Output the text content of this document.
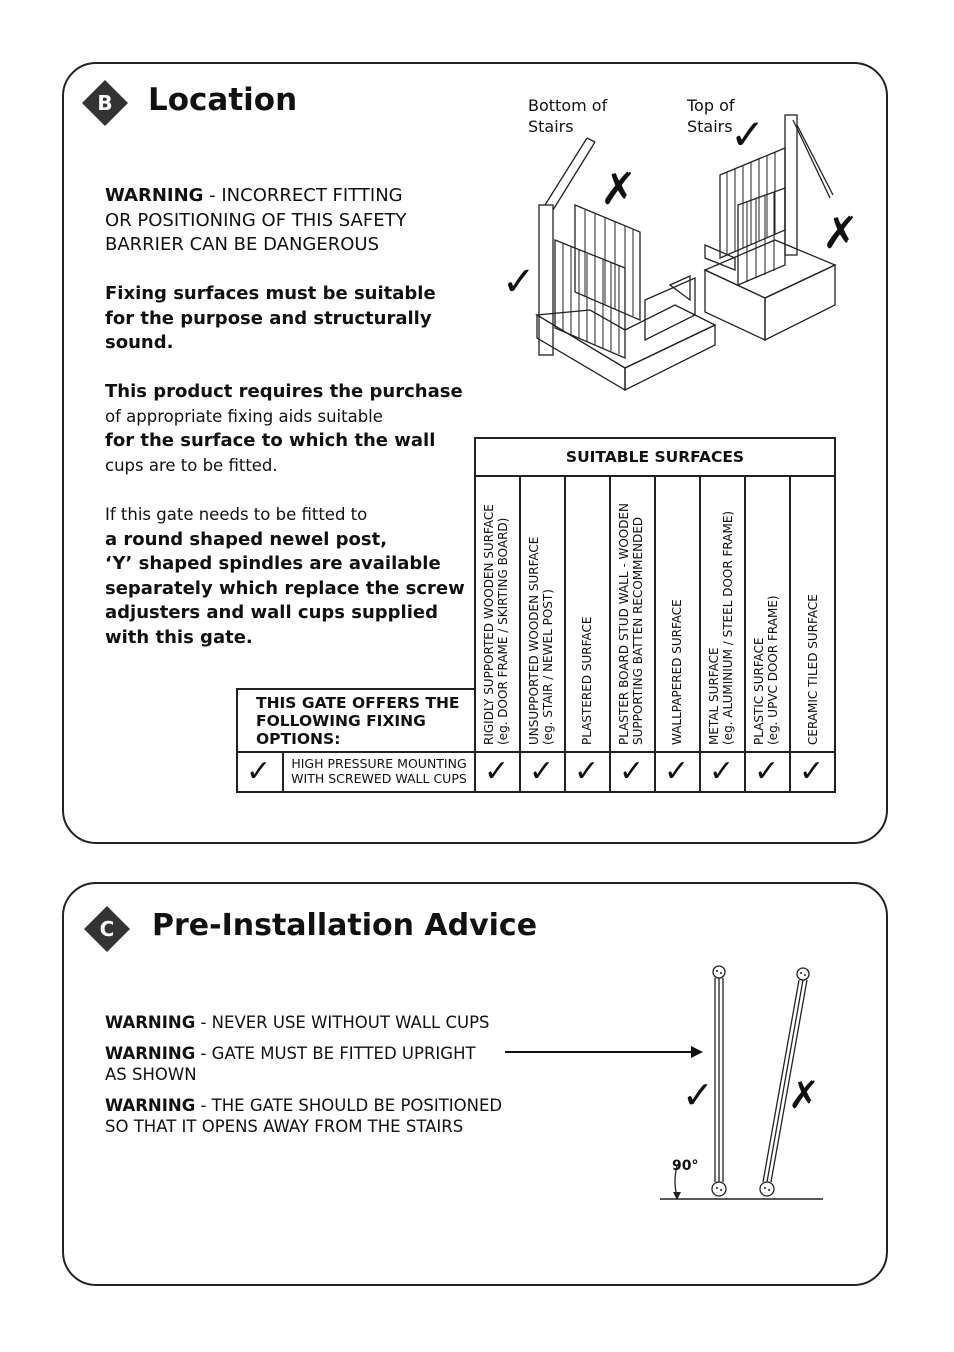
B Location
WARNING - INCORRECT FITTING
OR POSITIONING OF THIS SAFETY
BARRIER CAN BE DANGEROUS
Fixing surfaces must be suitable
for the purpose and structurally
sound.
This product requires the purchase
of appropriate fixing aids suitable
for the surface to which the wall
cups are to be fitted.
If this gate needs to be fitted to
a round shaped newel post,
‘Y’ shaped spindles are available
separately which replace the screw
adjusters and wall cups supplied
with this gate.
Bottom of
Stairs
Top of
Stairs
✓
✗
✓
✗
SUITABLE SURFACES
THIS GATE OFFERS THE
FOLLOWING FIXING
OPTIONS:
✓	HIGH PRESSURE MOUNTING
WITH SCREWED WALL CUPS
RIGIDLY SUPPORTED WOODEN SURFACE (eg. DOOR FRAME / SKIRTING BOARD) UNSUPPORTED WOODEN SURFACE (eg. STAIR / NEWEL POST) PLASTERED SURFACE PLASTER BOARD STUD WALL - WOODEN SUPPORTING BATTEN RECOMMENDED WALLPAPERED SURFACE METAL SURFACE (eg. ALUMINIUM / STEEL DOOR FRAME) PLASTIC SURFACE (eg. UPVC DOOR FRAME) CERAMIC TILED SURFACE
✓ ✓ ✓ ✓ ✓ ✓ ✓ ✓
C Pre-Installation Advice
WARNING - NEVER USE WITHOUT WALL CUPS
WARNING - GATE MUST BE FITTED UPRIGHT
AS SHOWN
WARNING - THE GATE SHOULD BE POSITIONED
SO THAT IT OPENS AWAY FROM THE STAIRS
90°
✓ ✗
